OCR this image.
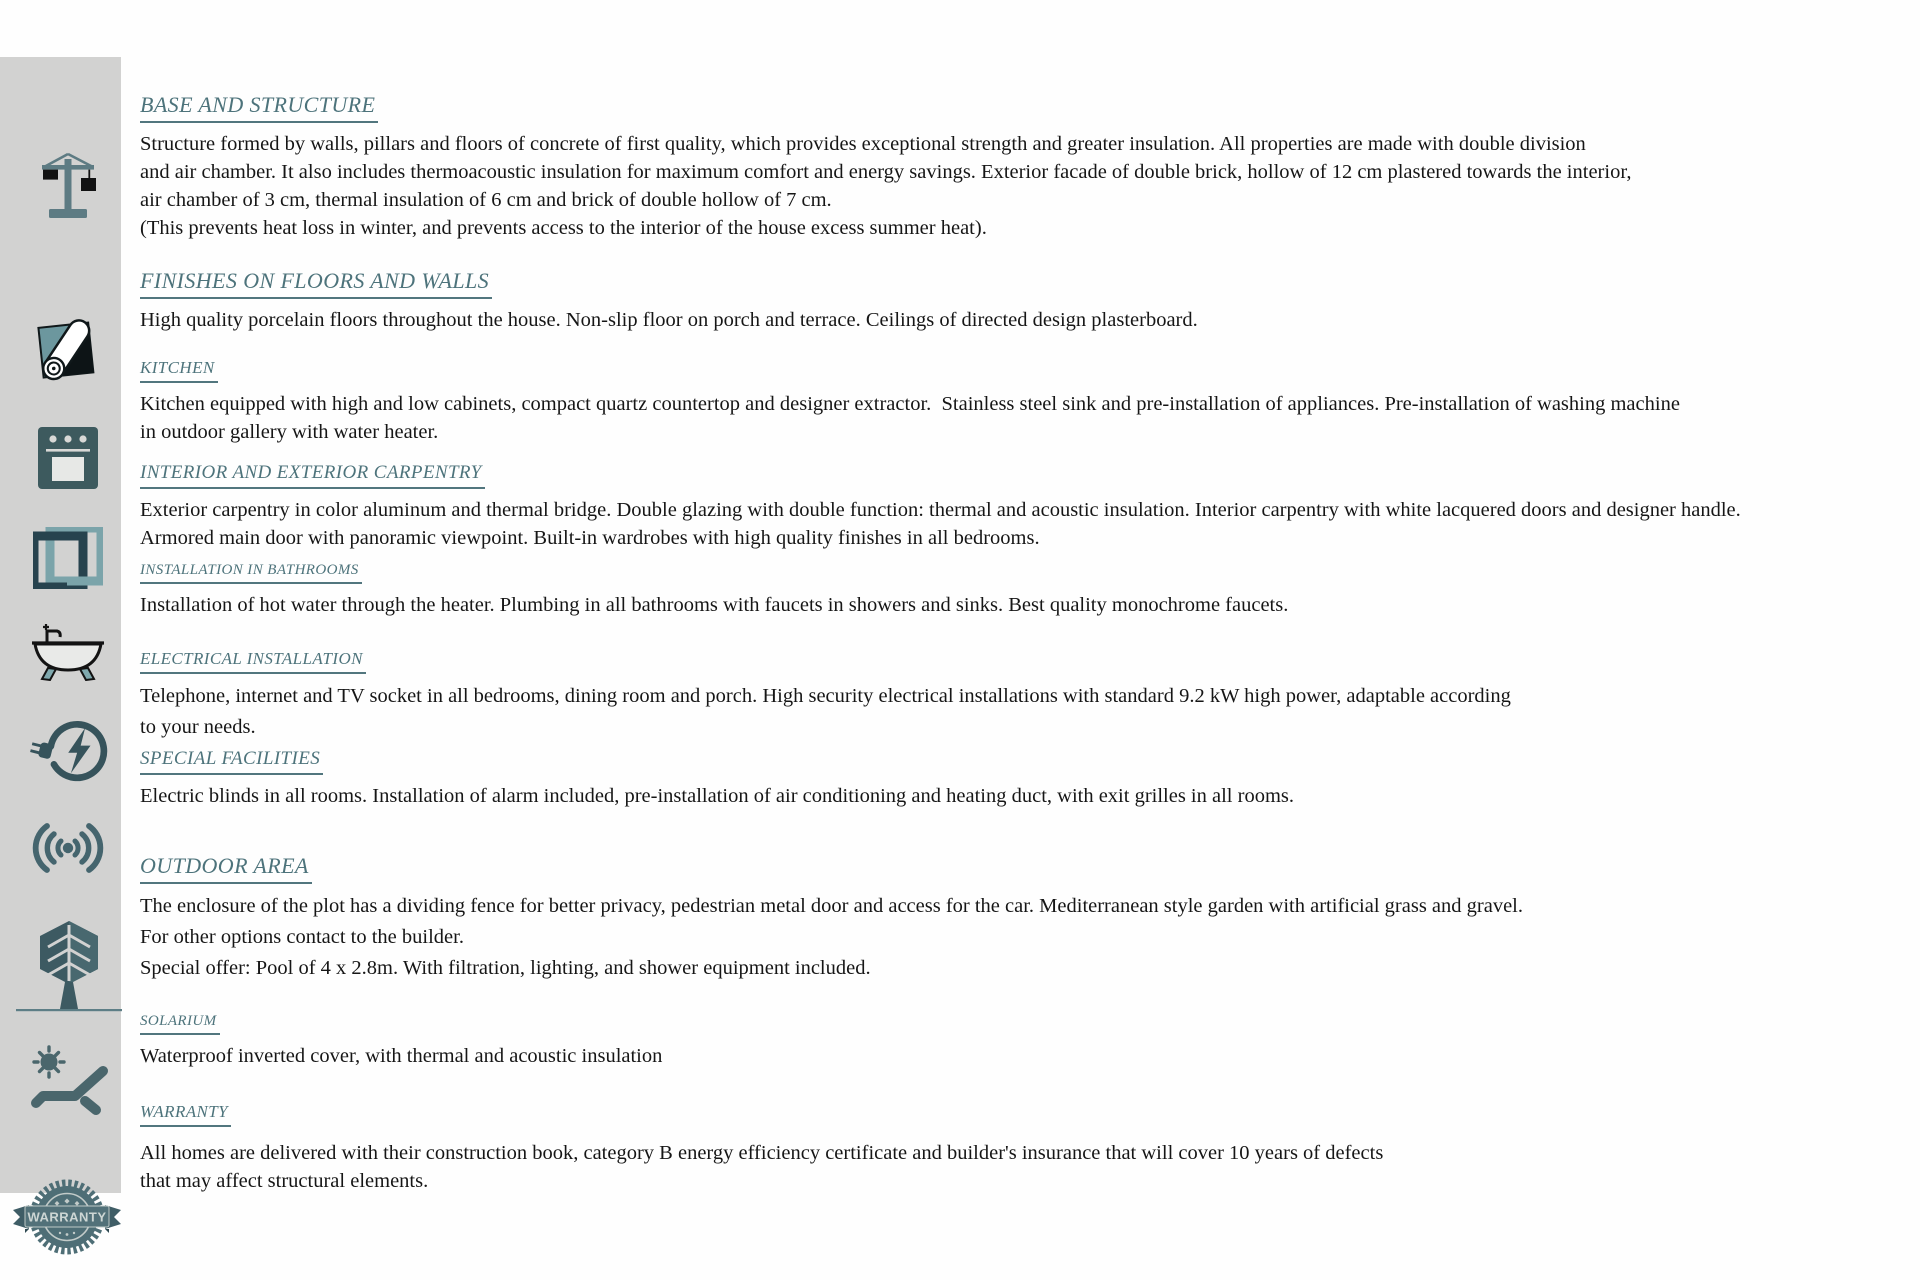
WARRANTY
BASE AND STRUCTURE
Structure formed by walls, pillars and floors of concrete of first quality, which provides exceptional strength and greater insulation. All properties are made with double division
and air chamber. It also includes thermoacoustic insulation for maximum comfort and energy savings. Exterior facade of double brick, hollow of 12 cm plastered towards the interior,
air chamber of 3 cm, thermal insulation of 6 cm and brick of double hollow of 7 cm.
(This prevents heat loss in winter, and prevents access to the interior of the house excess summer heat).
FINISHES ON FLOORS AND WALLS
High quality porcelain floors throughout the house. Non-slip floor on porch and terrace. Ceilings of directed design plasterboard.
KITCHEN
Kitchen equipped with high and low cabinets, compact quartz countertop and designer extractor.  Stainless steel sink and pre-installation of appliances. Pre-installation of washing machine
in outdoor gallery with water heater.
INTERIOR AND EXTERIOR CARPENTRY
Exterior carpentry in color aluminum and thermal bridge. Double glazing with double function: thermal and acoustic insulation. Interior carpentry with white lacquered doors and designer handle.
Armored main door with panoramic viewpoint. Built-in wardrobes with high quality finishes in all bedrooms.
INSTALLATION IN BATHROOMS
Installation of hot water through the heater. Plumbing in all bathrooms with faucets in showers and sinks. Best quality monochrome faucets.
ELECTRICAL INSTALLATION
Telephone, internet and TV socket in all bedrooms, dining room and porch. High security electrical installations with standard 9.2 kW high power, adaptable according
to your needs.
SPECIAL FACILITIES
Electric blinds in all rooms. Installation of alarm included, pre-installation of air conditioning and heating duct, with exit grilles in all rooms.
OUTDOOR AREA
The enclosure of the plot has a dividing fence for better privacy, pedestrian metal door and access for the car. Mediterranean style garden with artificial grass and gravel.
For other options contact to the builder.
Special offer: Pool of 4 x 2.8m. With filtration, lighting, and shower equipment included.
SOLARIUM
Waterproof inverted cover, with thermal and acoustic insulation
WARRANTY
All homes are delivered with their construction book, category B energy efficiency certificate and builder's insurance that will cover 10 years of defects
that may affect structural elements.
